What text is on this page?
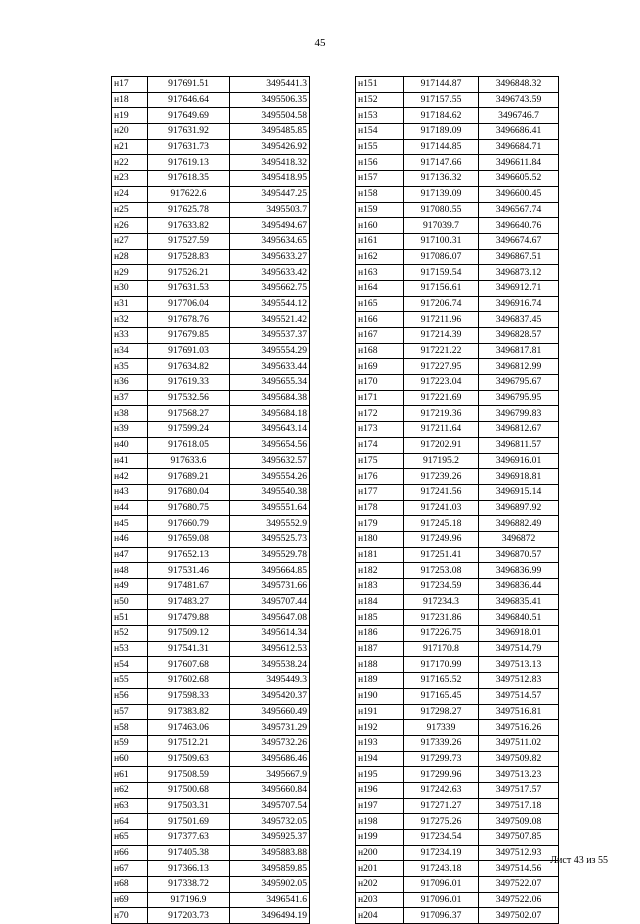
45
н17	917691.51	3495441.3
н18	917646.64	3495506.35
н19	917649.69	3495504.58
н20	917631.92	3495485.85
н21	917631.73	3495426.92
н22	917619.13	3495418.32
н23	917618.35	3495418.95
н24	917622.6	3495447.25
н25	917625.78	3495503.7
н26	917633.82	3495494.67
н27	917527.59	3495634.65
н28	917528.83	3495633.27
н29	917526.21	3495633.42
н30	917631.53	3495662.75
н31	917706.04	3495544.12
н32	917678.76	3495521.42
н33	917679.85	3495537.37
н34	917691.03	3495554.29
н35	917634.82	3495633.44
н36	917619.33	3495655.34
н37	917532.56	3495684.38
н38	917568.27	3495684.18
н39	917599.24	3495643.14
н40	917618.05	3495654.56
н41	917633.6	3495632.57
н42	917689.21	3495554.26
н43	917680.04	3495540.38
н44	917680.75	3495551.64
н45	917660.79	3495552.9
н46	917659.08	3495525.73
н47	917652.13	3495529.78
н48	917531.46	3495664.85
н49	917481.67	3495731.66
н50	917483.27	3495707.44
н51	917479.88	3495647.08
н52	917509.12	3495614.34
н53	917541.31	3495612.53
н54	917607.68	3495538.24
н55	917602.68	3495449.3
н56	917598.33	3495420.37
н57	917383.82	3495660.49
н58	917463.06	3495731.29
н59	917512.21	3495732.26
н60	917509.63	3495686.46
н61	917508.59	3495667.9
н62	917500.68	3495660.84
н63	917503.31	3495707.54
н64	917501.69	3495732.05
н65	917377.63	3495925.37
н66	917405.38	3495883.88
н67	917366.13	3495859.85
н68	917338.72	3495902.05
н69	917196.9	3496541.6
н70	917203.73	3496494.19
н151	917144.87	3496848.32
н152	917157.55	3496743.59
н153	917184.62	3496746.7
н154	917189.09	3496686.41
н155	917144.85	3496684.71
н156	917147.66	3496611.84
н157	917136.32	3496605.52
н158	917139.09	3496600.45
н159	917080.55	3496567.74
н160	917039.7	3496640.76
н161	917100.31	3496674.67
н162	917086.07	3496867.51
н163	917159.54	3496873.12
н164	917156.61	3496912.71
н165	917206.74	3496916.74
н166	917211.96	3496837.45
н167	917214.39	3496828.57
н168	917221.22	3496817.81
н169	917227.95	3496812.99
н170	917223.04	3496795.67
н171	917221.69	3496795.95
н172	917219.36	3496799.83
н173	917211.64	3496812.67
н174	917202.91	3496811.57
н175	917195.2	3496916.01
н176	917239.26	3496918.81
н177	917241.56	3496915.14
н178	917241.03	3496897.92
н179	917245.18	3496882.49
н180	917249.96	3496872
н181	917251.41	3496870.57
н182	917253.08	3496836.99
н183	917234.59	3496836.44
н184	917234.3	3496835.41
н185	917231.86	3496840.51
н186	917226.75	3496918.01
н187	917170.8	3497514.79
н188	917170.99	3497513.13
н189	917165.52	3497512.83
н190	917165.45	3497514.57
н191	917298.27	3497516.81
н192	917339	3497516.26
н193	917339.26	3497511.02
н194	917299.73	3497509.82
н195	917299.96	3497513.23
н196	917242.63	3497517.57
н197	917271.27	3497517.18
н198	917275.26	3497509.08
н199	917234.54	3497507.85
н200	917234.19	3497512.93
н201	917243.18	3497514.56
н202	917096.01	3497522.07
н203	917096.01	3497522.06
н204	917096.37	3497502.07
Лист 43 из 55
